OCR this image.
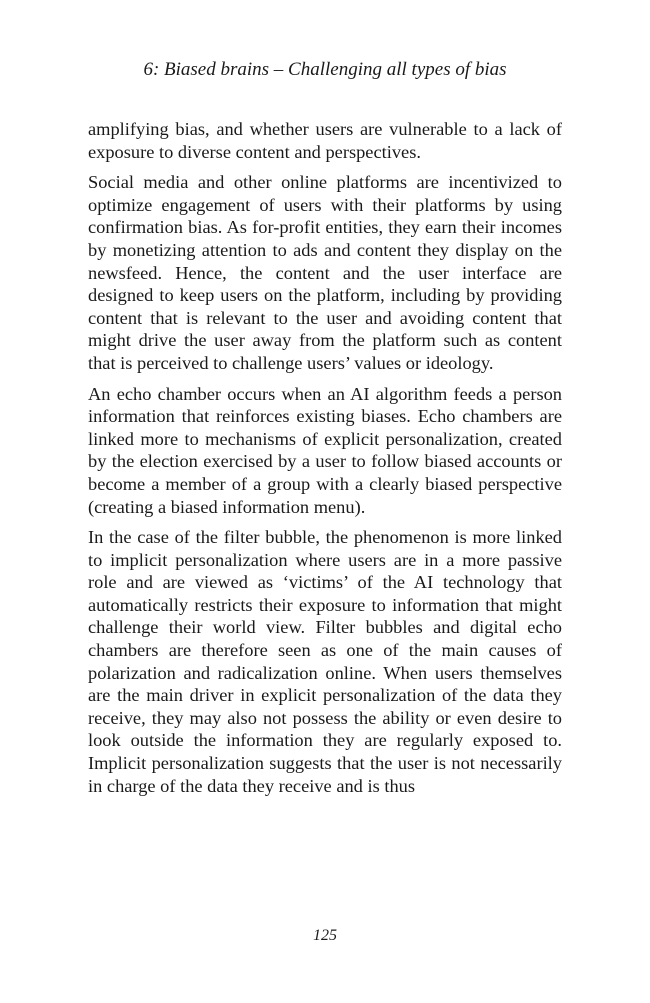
6: Biased brains – Challenging all types of bias

amplifying bias, and whether users are vulnerable to a lack of exposure to diverse content and perspectives.

Social media and other online platforms are incentivized to optimize engagement of users with their platforms by using confirmation bias. As for-profit entities, they earn their incomes by monetizing attention to ads and content they display on the newsfeed. Hence, the content and the user interface are designed to keep users on the platform, including by providing content that is relevant to the user and avoiding content that might drive the user away from the platform such as content that is perceived to challenge users’ values or ideology.

An echo chamber occurs when an AI algorithm feeds a person information that reinforces existing biases. Echo chambers are linked more to mechanisms of explicit personalization, created by the election exercised by a user to follow biased accounts or become a member of a group with a clearly biased perspective (creating a biased information menu).

In the case of the filter bubble, the phenomenon is more linked to implicit personalization where users are in a more passive role and are viewed as ‘victims’ of the AI technology that automatically restricts their exposure to information that might challenge their world view. Filter bubbles and digital echo chambers are therefore seen as one of the main causes of polarization and radicalization online. When users themselves are the main driver in explicit personalization of the data they receive, they may also not possess the ability or even desire to look outside the information they are regularly exposed to. Implicit personalization suggests that the user is not necessarily in charge of the data they receive and is thus

125
